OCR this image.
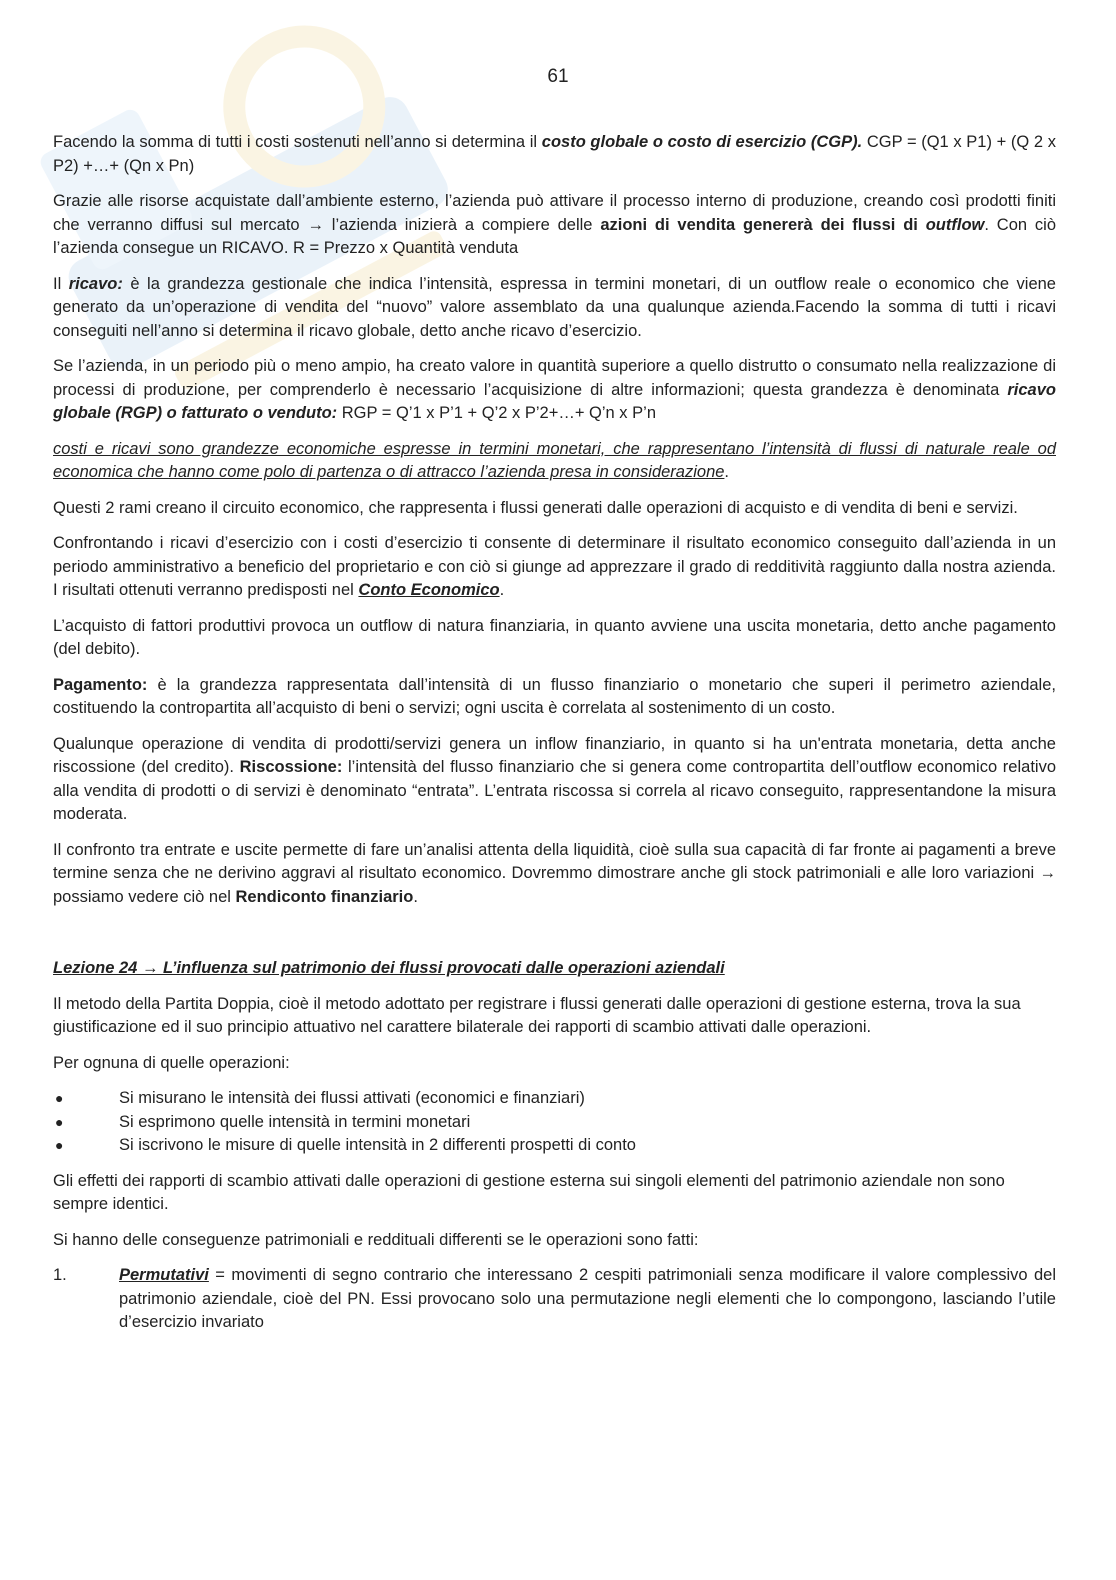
61

Facendo la somma di tutti i costi sostenuti nell’anno si determina il costo globale o costo di esercizio (CGP). CGP = (Q1 x P1) + (Q 2 x P2) +…+ (Qn x Pn)

Grazie alle risorse acquistate dall’ambiente esterno, l’azienda può attivare il processo interno di produzione, creando così prodotti finiti che verranno diffusi sul mercato → l’azienda inizierà a compiere delle azioni di vendita genererà dei flussi di outflow. Con ciò l’azienda consegue un RICAVO. R = Prezzo x Quantità venduta

Il ricavo: è la grandezza gestionale che indica l’intensità, espressa in termini monetari, di un outflow reale o economico che viene generato da un’operazione di vendita del “nuovo” valore assemblato da una qualunque azienda.Facendo la somma di tutti i ricavi conseguiti nell’anno si determina il ricavo globale, detto anche ricavo d’esercizio.

Se l’azienda, in un periodo più o meno ampio, ha creato valore in quantità superiore a quello distrutto o consumato nella realizzazione di processi di produzione, per comprenderlo è necessario l’acquisizione di altre informazioni; questa grandezza è denominata ricavo globale (RGP) o fatturato o venduto: RGP = Q’1 x P’1 + Q’2 x P’2+…+ Q’n x P’n

costi e ricavi sono grandezze economiche espresse in termini monetari, che rappresentano l’intensità di flussi di naturale reale od economica che hanno come polo di partenza o di attracco l’azienda presa in considerazione.

Questi 2 rami creano il circuito economico, che rappresenta i flussi generati dalle operazioni di acquisto e di vendita di beni e servizi.

Confrontando i ricavi d’esercizio con i costi d’esercizio ti consente di determinare il risultato economico conseguito dall’azienda in un periodo amministrativo a beneficio del proprietario e con ciò si giunge ad apprezzare il grado di redditività raggiunto dalla nostra azienda. I risultati ottenuti verranno predisposti nel Conto Economico.

L’acquisto di fattori produttivi provoca un outflow di natura finanziaria, in quanto avviene una uscita monetaria, detto anche pagamento (del debito).

Pagamento: è la grandezza rappresentata dall’intensità di un flusso finanziario o monetario che superi il perimetro aziendale, costituendo la contropartita all’acquisto di beni o servizi; ogni uscita è correlata al sostenimento di un costo.

Qualunque operazione di vendita di prodotti/servizi genera un inflow finanziario, in quanto si ha un'entrata monetaria, detta anche riscossione (del credito). Riscossione: l’intensità del flusso finanziario che si genera come contropartita dell’outflow economico relativo alla vendita di prodotti o di servizi è denominato “entrata”. L’entrata riscossa si correla al ricavo conseguito, rappresentandone la misura moderata.

Il confronto tra entrate e uscite permette di fare un’analisi attenta della liquidità, cioè sulla sua capacità di far fronte ai pagamenti a breve termine senza che ne derivino aggravi al risultato economico. Dovremmo dimostrare anche gli stock patrimoniali e alle loro variazioni → possiamo vedere ciò nel Rendiconto finanziario.

Lezione 24 → L’influenza sul patrimonio dei flussi provocati dalle operazioni aziendali

Il metodo della Partita Doppia, cioè il metodo adottato per registrare i flussi generati dalle operazioni di gestione esterna, trova la sua giustificazione ed il suo principio attuativo nel carattere bilaterale dei rapporti di scambio attivati dalle operazioni.

Per ognuna di quelle operazioni:

●	Si misurano le intensità dei flussi attivati (economici e finanziari)
●	Si esprimono quelle intensità in termini monetari
●	Si iscrivono le misure di quelle intensità in 2 differenti prospetti di conto

Gli effetti dei rapporti di scambio attivati dalle operazioni di gestione esterna sui singoli elementi del patrimonio aziendale non sono sempre identici.

Si hanno delle conseguenze patrimoniali e reddituali differenti se le operazioni sono fatti:

1.	Permutativi = movimenti di segno contrario che interessano 2 cespiti patrimoniali senza modificare il valore complessivo del patrimonio aziendale, cioè del PN. Essi provocano solo una permutazione negli elementi che lo compongono, lasciando l’utile d’esercizio invariato
